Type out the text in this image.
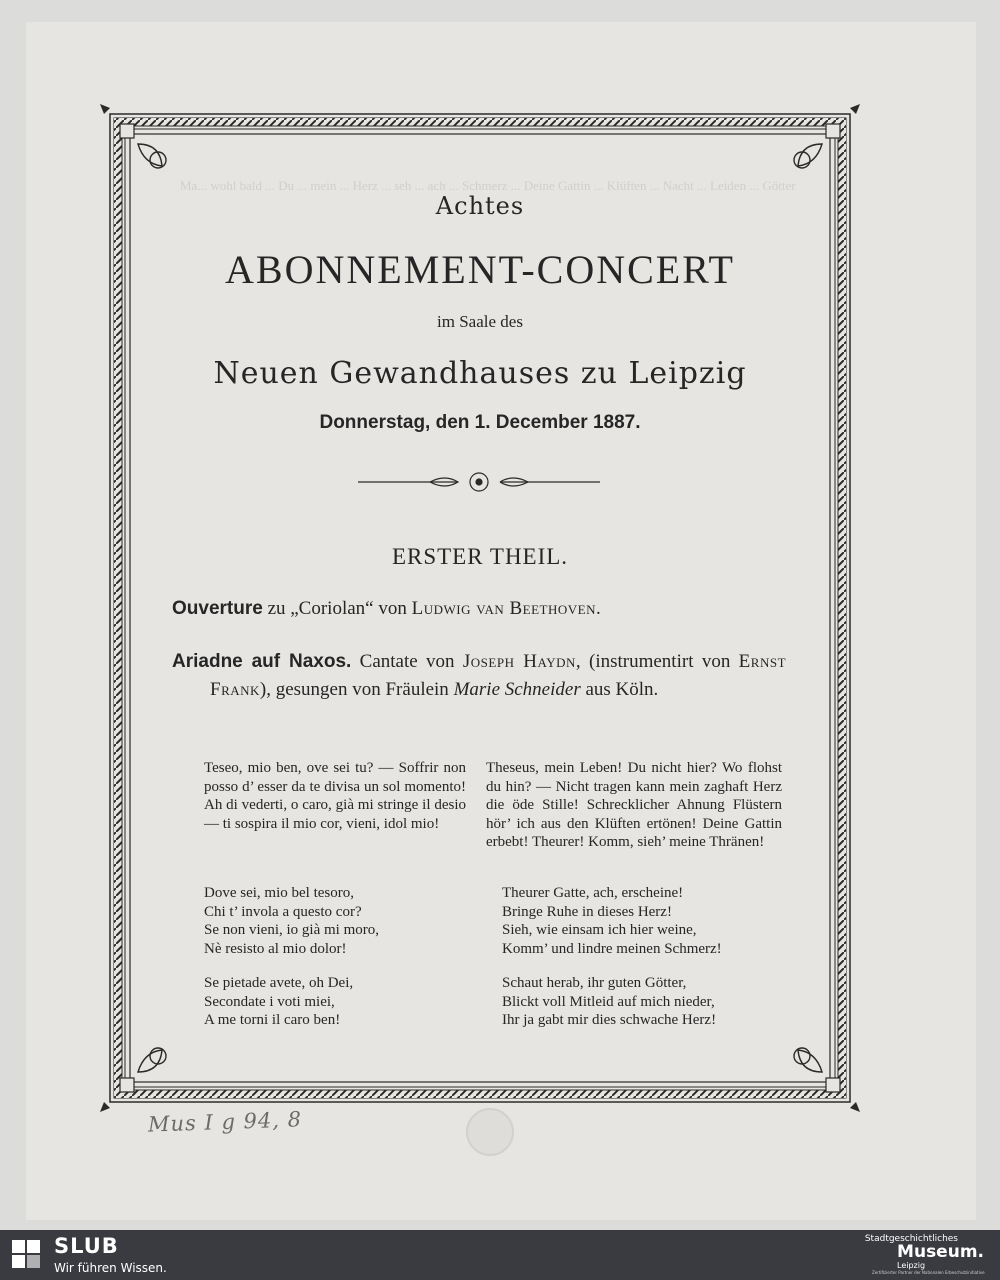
Achtes
ABONNEMENT-CONCERT
im Saale des
Neuen Gewandhauses zu Leipzig
Donnerstag, den 1. December 1887.
ERSTER THEIL.
Ouverture zu „Coriolan“ von Ludwig van Beethoven.
Ariadne auf Naxos. Cantate von Joseph Haydn, (instrumentirt von Ernst Frank), gesungen von Fräulein Marie Schneider aus Köln.

Teseo, mio ben, ove sei tu? — Soffrir non posso d’ esser da te divisa un sol momento! Ah di vederti, o caro, già mi stringe il desio — ti sospira il mio cor, vieni, idol mio!

Theseus, mein Leben! Du nicht hier? Wo flohst du hin? — Nicht tragen kann mein zaghaft Herz die öde Stille! Schrecklicher Ahnung Flüstern hör’ ich aus den Klüften ertönen! Deine Gattin erbebt! Theurer! Komm, sieh’ meine Thränen!

Dove sei, mio bel tesoro,

Chi t’ invola a questo cor?

Se non vieni, io già mi moro,

Nè resisto al mio dolor!

Theurer Gatte, ach, erscheine!

Bringe Ruhe in dieses Herz!

Sieh, wie einsam ich hier weine,

Komm’ und lindre meinen Schmerz!

Se pietade avete, oh Dei,

Secondate i voti miei,

A me torni il caro ben!

Schaut herab, ihr guten Götter,

Blickt voll Mitleid auf mich nieder,

Ihr ja gabt mir dies schwache Herz!

Mus I g 94, 8
SLUB
Wir führen Wissen.
Stadtgeschichtliches
Museum.
Leipzig
Zertifizierter Partner der Nationalen Erbeschutzinitiative
